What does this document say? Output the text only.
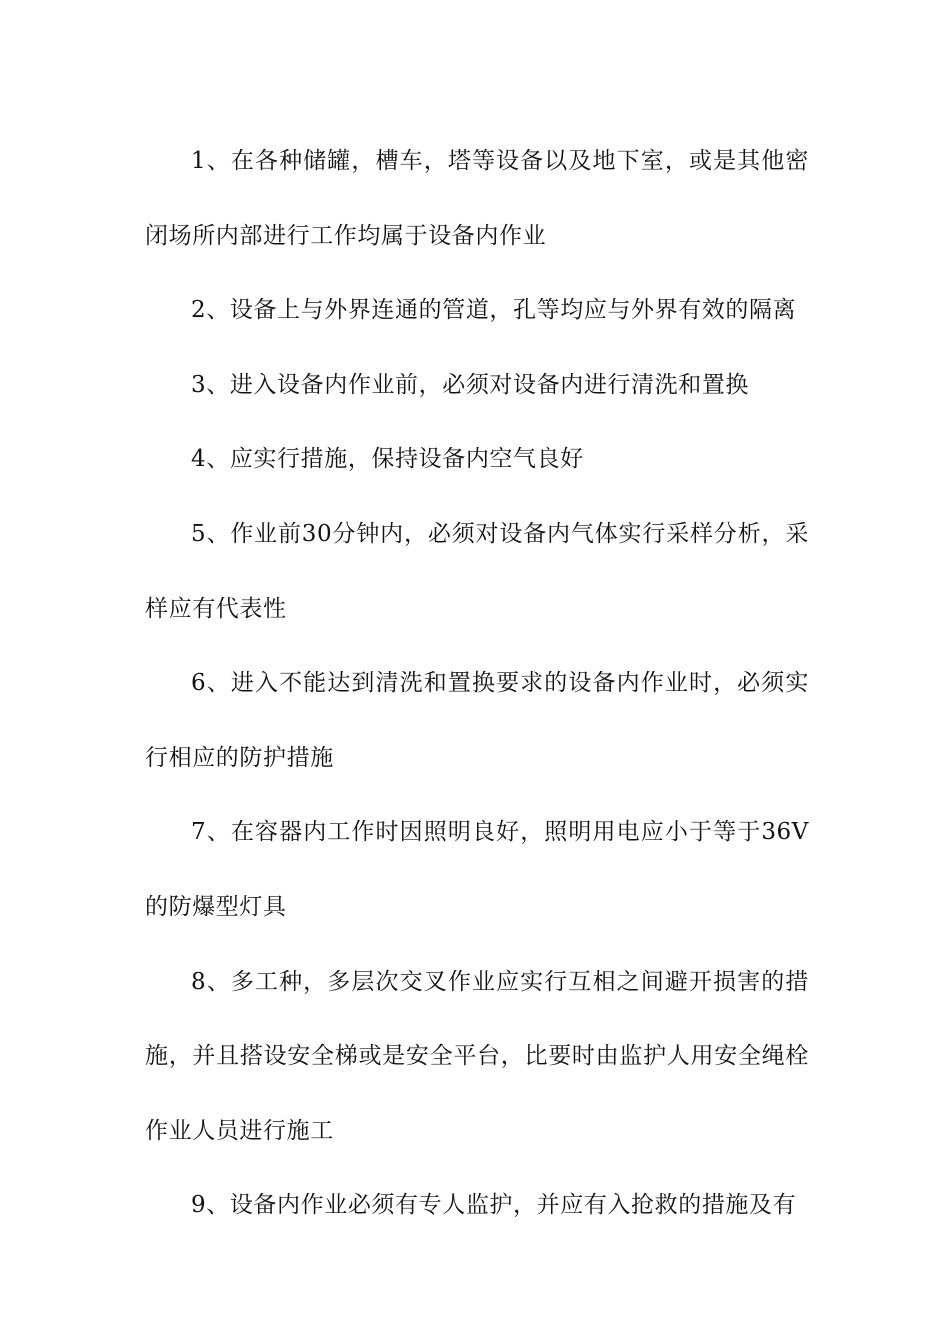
1、在各种储罐，槽车，塔等设备以及地下室，或是其他密闭场所内部进行工作均属于设备内作业

2、设备上与外界连通的管道，孔等均应与外界有效的隔离

3、进入设备内作业前，必须对设备内进行清洗和置换

4、应实行措施，保持设备内空气良好

5、作业前30分钟内，必须对设备内气体实行采样分析，采样应有代表性

6、进入不能达到清洗和置换要求的设备内作业时，必须实行相应的防护措施

7、在容器内工作时因照明良好，照明用电应小于等于36V的防爆型灯具

8、多工种，多层次交叉作业应实行互相之间避开损害的措施，并且搭设安全梯或是安全平台，比要时由监护人用安全绳栓作业人员进行施工

9、设备内作业必须有专人监护，并应有入抢救的措施及有
